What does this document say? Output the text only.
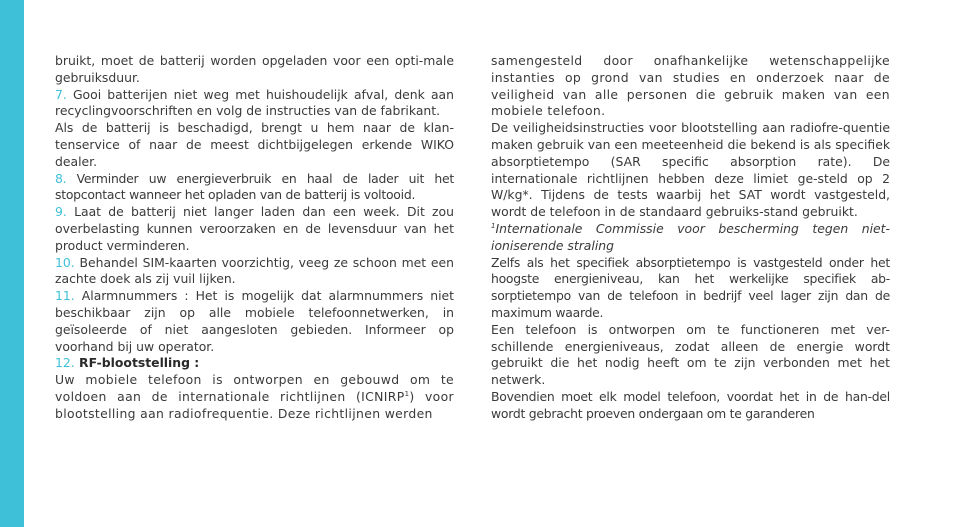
bruikt, moet de batterij worden opgeladen voor een opti-male gebruiksduur.

7. Gooi batterijen niet weg met huishoudelijk afval, denk aan recyclingvoorschriften en volg de instructies van de fabrikant.

Als de batterij is beschadigd, brengt u hem naar de klan-tenservice of naar de meest dichtbijgelegen erkende WIKO dealer.

8. Verminder uw energieverbruik en haal de lader uit het stopcontact wanneer het opladen van de batterij is voltooid.

9. Laat de batterij niet langer laden dan een week. Dit zou overbelasting kunnen veroorzaken en de levensduur van het product verminderen.

10. Behandel SIM-kaarten voorzichtig, veeg ze schoon met een zachte doek als zij vuil lijken.

11. Alarmnummers : Het is mogelijk dat alarmnummers niet beschikbaar zijn op alle mobiele telefoonnetwerken, in geïsoleerde of niet aangesloten gebieden. Informeer op voorhand bij uw operator.

12. RF-blootstelling :

Uw mobiele telefoon is ontworpen en gebouwd om te voldoen aan de internationale richtlijnen (ICNIRP$^1$) voor blootstelling aan radiofrequentie. Deze richtlijnen werden

samengesteld door onafhankelijke wetenschappelijke instanties op grond van studies en onderzoek naar de veiligheid van alle personen die gebruik maken van een mobiele telefoon.

De veiligheidsinstructies voor blootstelling aan radiofre-quentie maken gebruik van een meeteenheid die bekend is als specifiek absorptietempo (SAR specific absorption rate). De internationale richtlijnen hebben deze limiet ge-steld op 2 W/kg*. Tijdens de tests waarbij het SAT wordt vastgesteld, wordt de telefoon in de standaard gebruiks-stand gebruikt.

$^1$Internationale Commissie voor bescherming tegen niet-ioniserende straling

Zelfs als het specifiek absorptietempo is vastgesteld onder het hoogste energieniveau, kan het werkelijke specifiek ab-sorptietempo van de telefoon in bedrijf veel lager zijn dan de maximum waarde.

Een telefoon is ontworpen om te functioneren met ver-schillende energieniveaus, zodat alleen de energie wordt gebruikt die het nodig heeft om te zijn verbonden met het netwerk.

Bovendien moet elk model telefoon, voordat het in de han-del wordt gebracht proeven ondergaan om te garanderen
